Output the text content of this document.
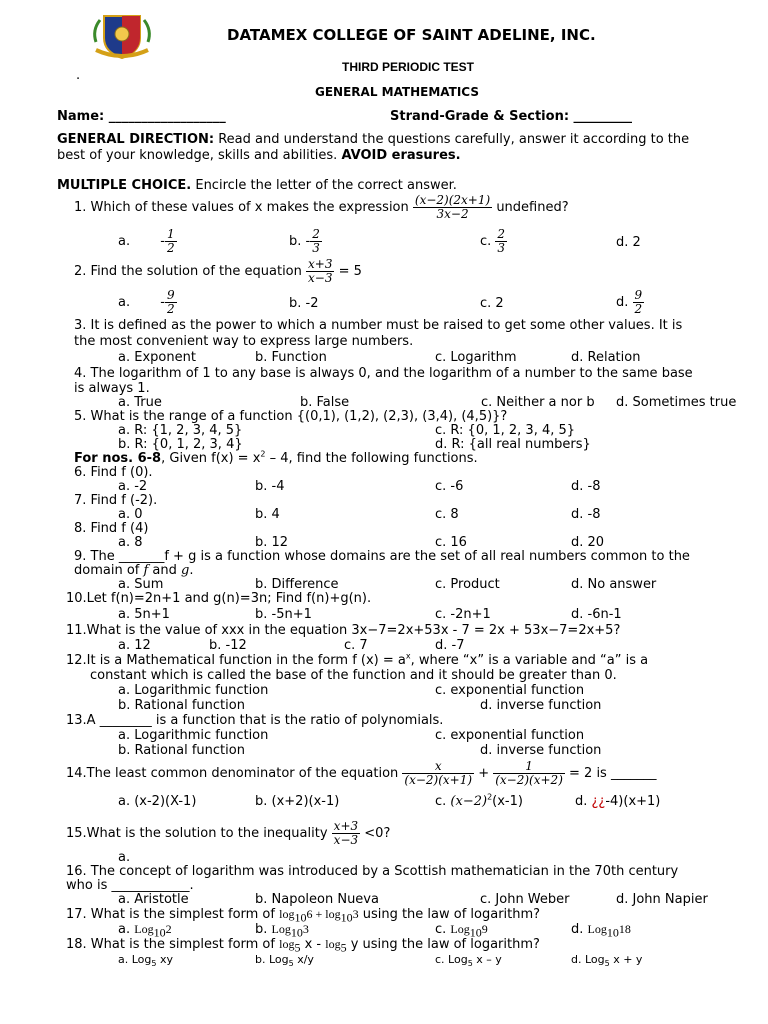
DATAMEX COLLEGE OF SAINT ADELINE, INC.
.
THIRD PERIODIC TEST
GENERAL MATHEMATICS
Name: __________________	Strand-Grade & Section: _________
GENERAL DIRECTION: Read and understand the questions carefully, answer it according to the
best of your knowledge, skills and abilities. AVOID erasures.
MULTIPLE CHOICE. Encircle the letter of the correct answer.
1. Which of these values of x makes the expression $\frac{(x-2)(2x+1)}{3x-2}$ undefined?
a. - $\frac{1}{2}$	b. - $\frac{2}{3}$	c. $\frac{2}{3}$	d. 2
2. Find the solution of the equation $\frac{x+3}{x-3} = 5$
a. - $\frac{9}{2}$	b. -2	c. 2	d. $\frac{9}{2}$
3. It is defined as the power to which a number must be raised to get some other values. It is
the most convenient way to express large numbers.
a. Exponent	b. Function	c. Logarithm	d. Relation
4. The logarithm of 1 to any base is always 0, and the logarithm of a number to the same base
is always 1.
a. True	b. False	c. Neither a nor b d. Sometimes true
5. What is the range of a function {(0,1), (1,2), (2,3), (3,4), (4,5)}?
a. R: {1, 2, 3, 4, 5}	c. R: {0, 1, 2, 3, 4, 5}
b. R: {0, 1, 2, 3, 4}	d. R: {all real numbers}
For nos. 6-8, Given $f(x) = x^2 - 4$, find the following functions.
6. Find f (0).
a. -2	b. -4	c. -6	d. -8
7. Find f (-2).
a. 0	b. 4	c. 8	d. -8
8. Find f (4)
a. 8	b. 12	c. 16	d. 20
9. The _______f + g is a function whose domains are the set of all real numbers common to the
domain of f and g.
a. Sum	b. Difference	c. Product	d. No answer
10.Let f(n)=2n+1 and g(n)=3n; Find f(n)+g(n).
a. 5n+1	b. -5n+1	c. -2n+1	d. -6n-1
11.What is the value of xxx in the equation 3x−7=2x+53x - 7 = 2x + 53x−7=2x+5?
a. 12	b. -12	c. 7	d. -7
12.It is a Mathematical function in the form f $(x) = a^x$, where “x” is a variable and “a” is a
constant which is called the base of the function and it should be greater than 0.
a. Logarithmic function	c. exponential function
b. Rational function	d. inverse function
13.A ________ is a function that is the ratio of polynomials.
a. Logarithmic function	c. exponential function
b. Rational function	d. inverse function
14.The least common denominator of the equation $\frac{x}{(x-2)(x+1)} + \frac{1}{(x-2)(x+2)} = 2$ is _______
a. (x-2)(X-1)	b. (x+2)(x-1)	c. $(x-2)^2(x-1)$	d. ¿¿-4)(x+1)
15.What is the solution to the inequality $\frac{x+3}{x-3} <0$?
a.
16. The concept of logarithm was introduced by a Scottish mathematician in the 70th century
who is ____________.
a. Aristotle	b. Napoleon Nueva	c. John Weber	d. John Napier
17. What is the simplest form of $\log_{10}6 + \log_{10}3$ using the law of logarithm?
a. Log$_{10}$2	b. Log$_{10}$3	c. Log$_{10}$9	d. Log$_{10}$18
18. What is the simplest form of $\log_5 x - \log_5 y$ using the law of logarithm?
a. Log$_5$ xy	b. Log$_5$ x/y	c. Log$_5$ x – y	d. Log$_5$ x + y
